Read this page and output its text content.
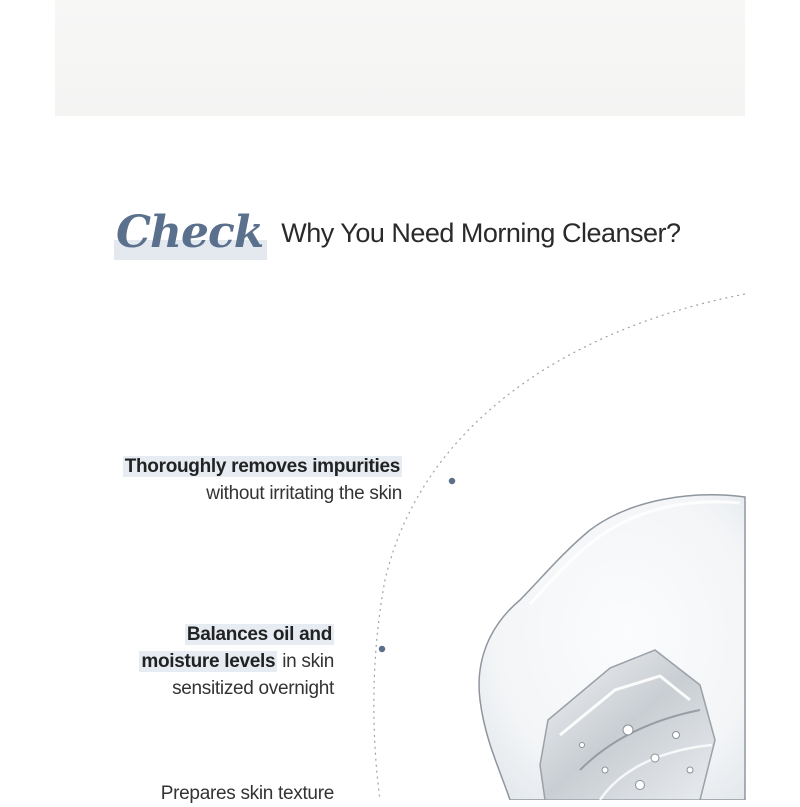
Check Why You Need Morning Cleanser?
Thoroughly removes impurities
without irritating the skin
Balances oil and
moisture levels in skin
sensitized overnight
Prepares skin texture
